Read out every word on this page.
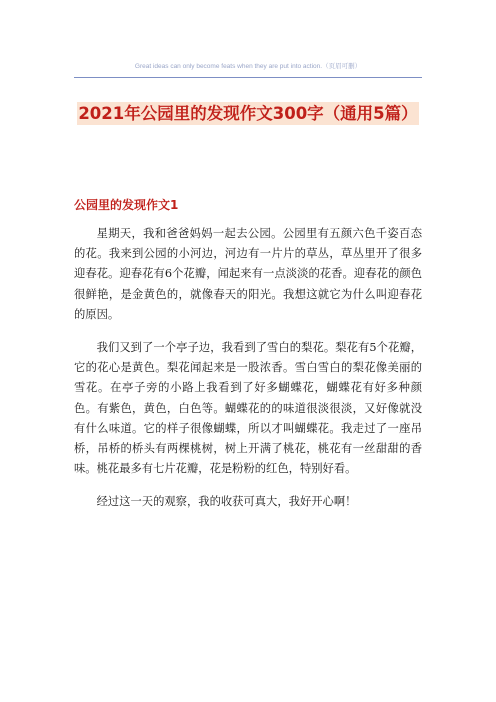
Great ideas can only become feats when they are put into action.（页眉可删）
2021年公园里的发现作文300字（通用5篇）
公园里的发现作文1

星期天，我和爸爸妈妈一起去公园。公园里有五颜六色千姿百态的花。我来到公园的小河边，河边有一片片的草丛，草丛里开了很多迎春花。迎春花有6个花瓣，闻起来有一点淡淡的花香。迎春花的颜色很鲜艳，是金黄色的，就像春天的阳光。我想这就它为什么叫迎春花的原因。

我们又到了一个亭子边，我看到了雪白的梨花。梨花有5个花瓣，它的花心是黄色。梨花闻起来是一股浓香。雪白雪白的梨花像美丽的雪花。在亭子旁的小路上我看到了好多蝴蝶花，蝴蝶花有好多种颜色。有紫色，黄色，白色等。蝴蝶花的的味道很淡很淡，又好像就没有什么味道。它的样子很像蝴蝶，所以才叫蝴蝶花。我走过了一座吊桥，吊桥的桥头有两棵桃树，树上开满了桃花，桃花有一丝甜甜的香味。桃花最多有七片花瓣，花是粉粉的红色，特别好看。

经过这一天的观察，我的收获可真大，我好开心啊！
